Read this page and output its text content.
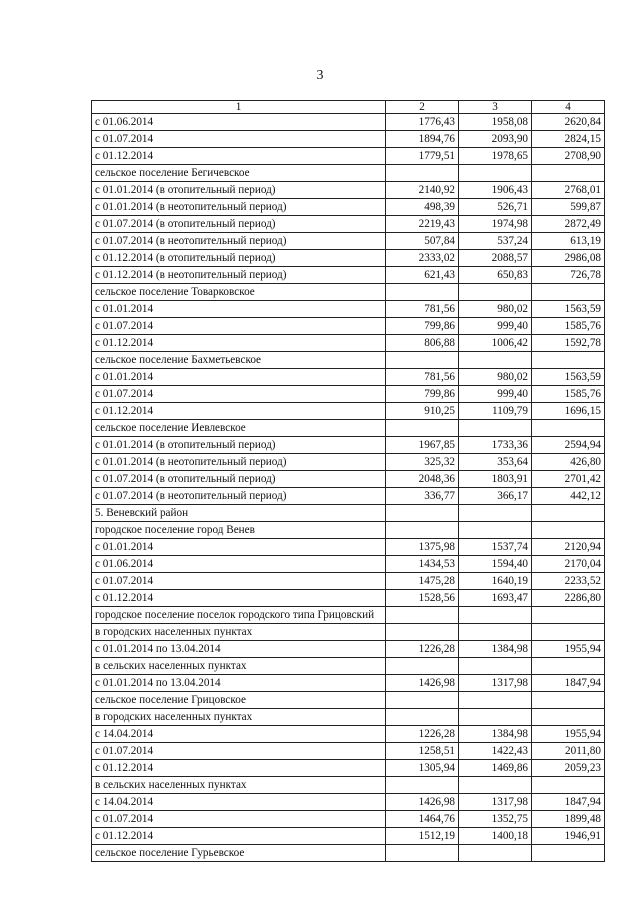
3
1	2	3	4
с 01.06.2014	1776,43	1958,08	2620,84
с 01.07.2014	1894,76	2093,90	2824,15
с 01.12.2014	1779,51	1978,65	2708,90
сельское поселение Бегичевское			
с 01.01.2014 (в отопительный период)	2140,92	1906,43	2768,01
с 01.01.2014 (в неотопительный период)	498,39	526,71	599,87
с 01.07.2014 (в отопительный период)	2219,43	1974,98	2872,49
с 01.07.2014 (в неотопительный период)	507,84	537,24	613,19
с 01.12.2014 (в отопительный период)	2333,02	2088,57	2986,08
с 01.12.2014 (в неотопительный период)	621,43	650,83	726,78
сельское поселение Товарковское			
с 01.01.2014	781,56	980,02	1563,59
с 01.07.2014	799,86	999,40	1585,76
с 01.12.2014	806,88	1006,42	1592,78
сельское поселение Бахметьевское			
с 01.01.2014	781,56	980,02	1563,59
с 01.07.2014	799,86	999,40	1585,76
с 01.12.2014	910,25	1109,79	1696,15
сельское поселение Иевлевское			
с 01.01.2014 (в отопительный период)	1967,85	1733,36	2594,94
с 01.01.2014 (в неотопительный период)	325,32	353,64	426,80
с 01.07.2014 (в отопительный период)	2048,36	1803,91	2701,42
с 01.07.2014 (в неотопительный период)	336,77	366,17	442,12
5. Веневский район			
городское поселение город Венев			
с 01.01.2014	1375,98	1537,74	2120,94
с 01.06.2014	1434,53	1594,40	2170,04
с 01.07.2014	1475,28	1640,19	2233,52
с 01.12.2014	1528,56	1693,47	2286,80
городское поселение поселок городского типа Грицовский			
в городских населенных пунктах			
с 01.01.2014 по 13.04.2014	1226,28	1384,98	1955,94
в сельских населенных пунктах			
с 01.01.2014 по 13.04.2014	1426,98	1317,98	1847,94
сельское поселение Грицовское			
в городских населенных пунктах			
с 14.04.2014	1226,28	1384,98	1955,94
с 01.07.2014	1258,51	1422,43	2011,80
с 01.12.2014	1305,94	1469,86	2059,23
в сельских населенных пунктах			
с 14.04.2014	1426,98	1317,98	1847,94
с 01.07.2014	1464,76	1352,75	1899,48
с 01.12.2014	1512,19	1400,18	1946,91
сельское поселение Гурьевское			
